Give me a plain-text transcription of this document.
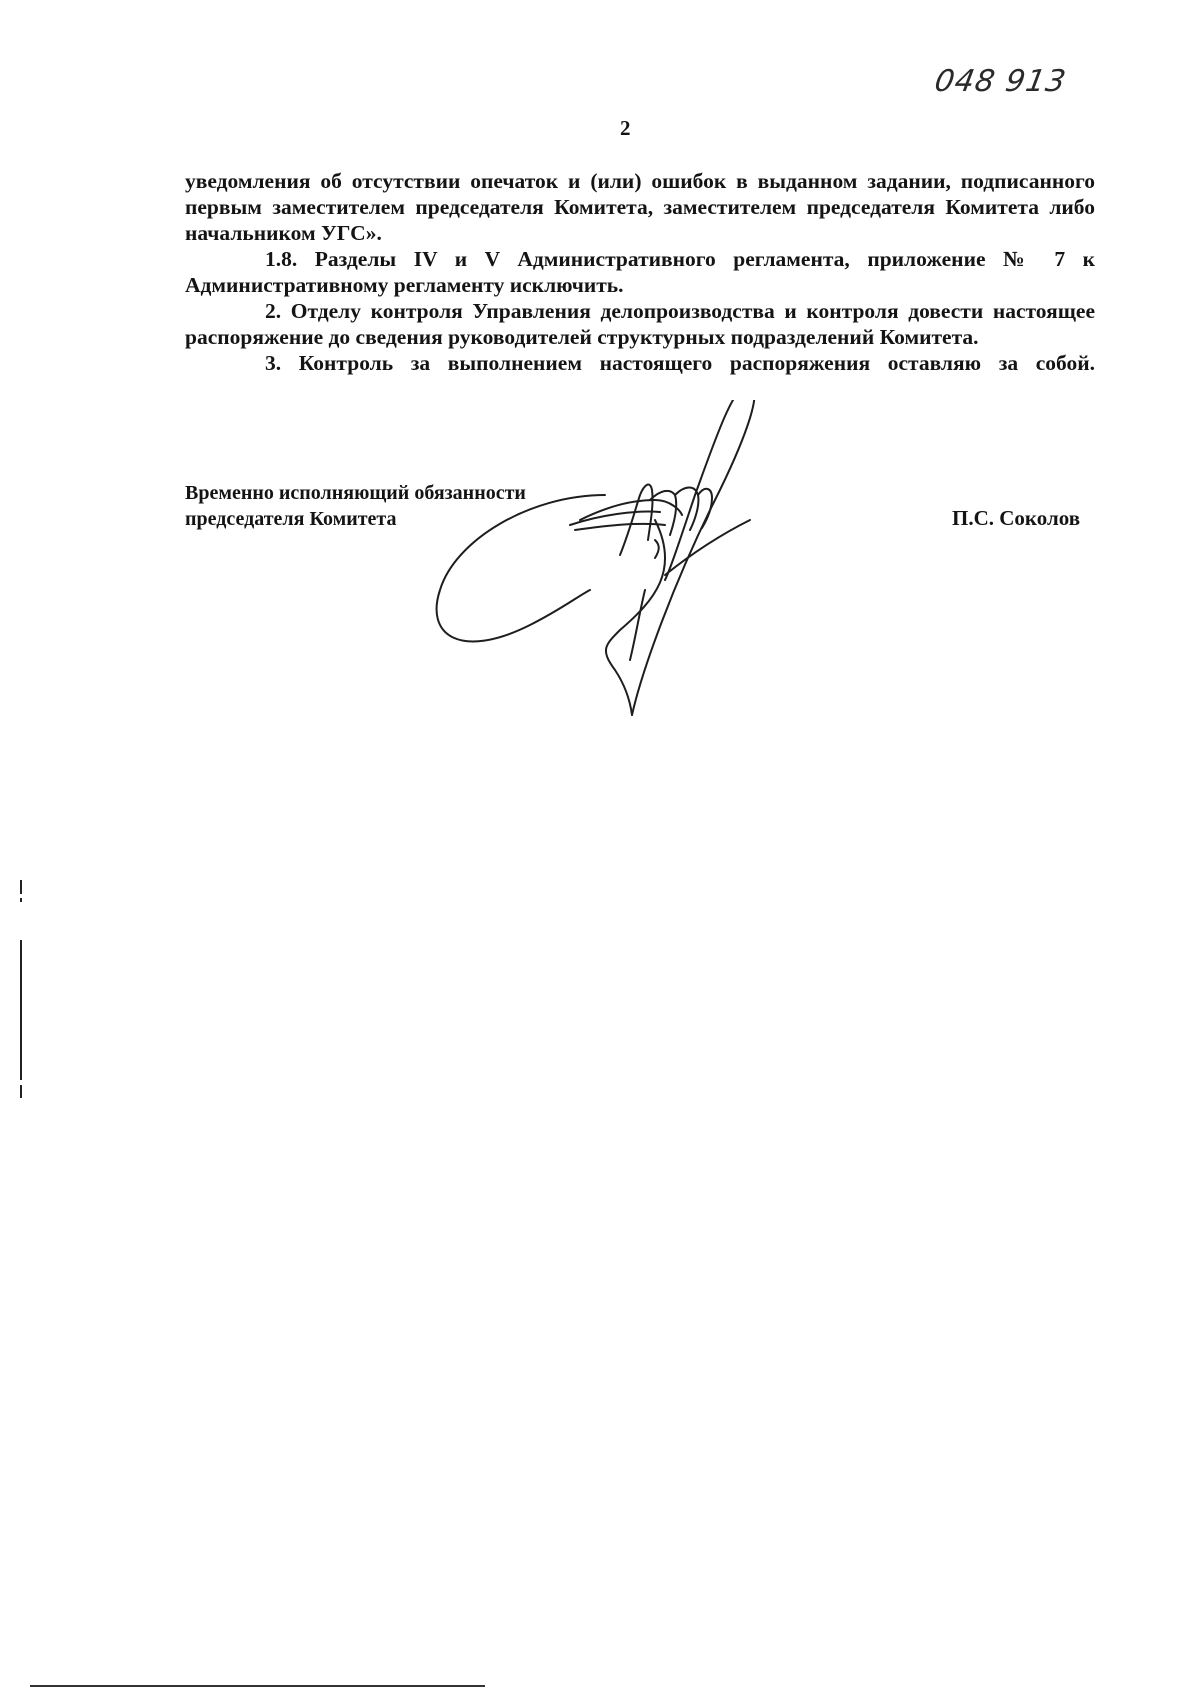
048 913
2

уведомления об отсутствии опечаток и (или) ошибок в выданном задании, подписанного первым заместителем председателя Комитета, заместителем председателя Комитета либо начальником УГС».

1.8. Разделы IV и V Административного регламента, приложение № 7 к Административному регламенту исключить.

2. Отделу контроля Управления делопроизводства и контроля довести настоящее распоряжение до сведения руководителей структурных подразделений Комитета.

3. Контроль за выполнением настоящего распоряжения оставляю за собой.

Временно исполняющий обязанности
председателя Комитета	П.С. Соколов
